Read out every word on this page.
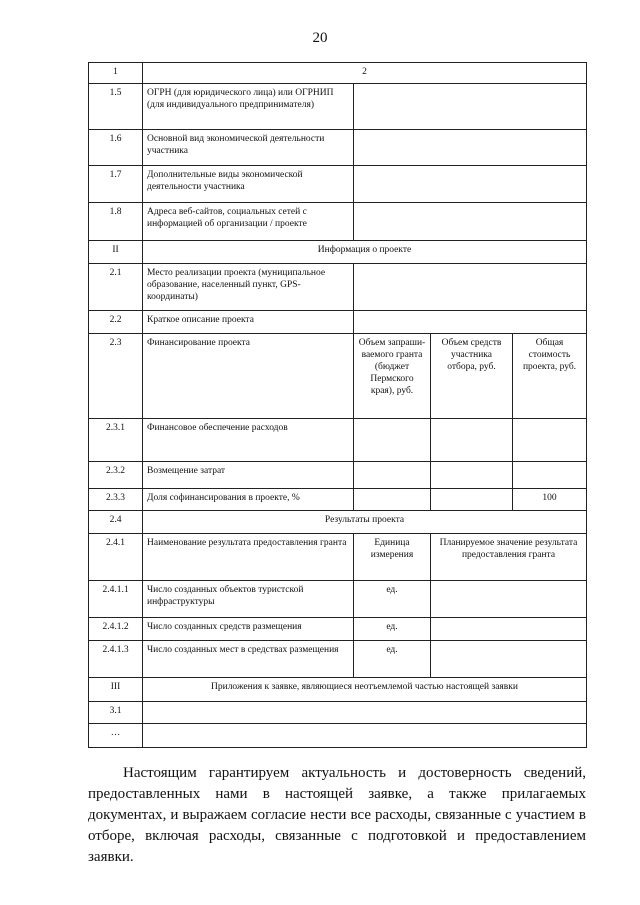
20
1	2			
1.5	ОГРН (для юридического лица) или ОГРНИП (для индивидуального предпринимателя)			
1.6	Основной вид экономической деятельности участника			
1.7	Дополнительные виды экономической деятельности участника			
1.8	Адреса веб-сайтов, социальных сетей с информацией об организации / проекте			
II	Информация о проекте			
2.1	Место реализации проекта (муниципальное образование, населенный пункт, GPS-координаты)			
2.2	Краткое описание проекта			
2.3	Финансирование проекта	Объем запраши-ваемого гранта (бюджет Пермского края), руб.	Объем средств участника отбора, руб.	Общая стоимость проекта, руб.
2.3.1	Финансовое обеспечение расходов			
2.3.2	Возмещение затрат			
2.3.3	Доля софинансирования в проекте, %			100
2.4	Результаты проекта			
2.4.1	Наименование результата предоставления гранта	Единица измерения	Планируемое значение результата предоставления гранта	
2.4.1.1	Число созданных объектов туристской инфраструктуры	ед.		
2.4.1.2	Число созданных средств размещения	ед.		
2.4.1.3	Число созданных мест в средствах размещения	ед.		
III	Приложения к заявке, являющиеся неотъемлемой частью настоящей заявки			
3.1				
…				
Настоящим гарантируем актуальность и достоверность сведений, предоставленных нами в настоящей заявке, а также прилагаемых документах, и выражаем согласие нести все расходы, связанные с участием в отборе, включая расходы, связанные с подготовкой и предоставлением заявки.
